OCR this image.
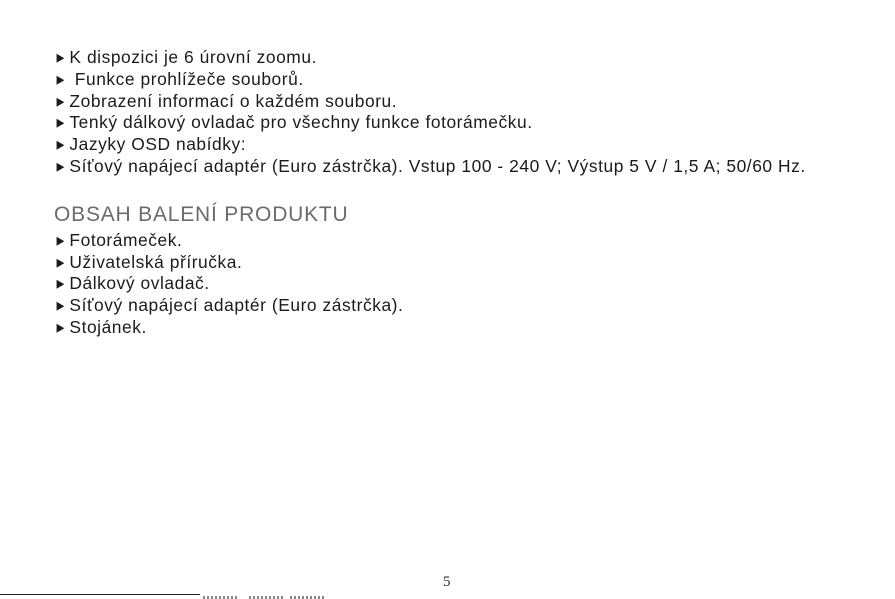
► K dispozici je 6 úrovní zoomu.
► Funkce prohlížeče souborů.
► Zobrazení informací o každém souboru.
► Tenký dálkový ovladač pro všechny funkce fotorámečku.
► Jazyky OSD nabídky:
► Síťový napájecí adaptér (Euro zástrčka). Vstup 100 - 240 V; Výstup 5 V / 1,5 A; 50/60 Hz.
OBSAH BALENÍ PRODUKTU
► Fotorámeček.
► Uživatelská příručka.
► Dálkový ovladač.
► Síťový napájecí adaptér (Euro zástrčka).
► Stojánek.
5
